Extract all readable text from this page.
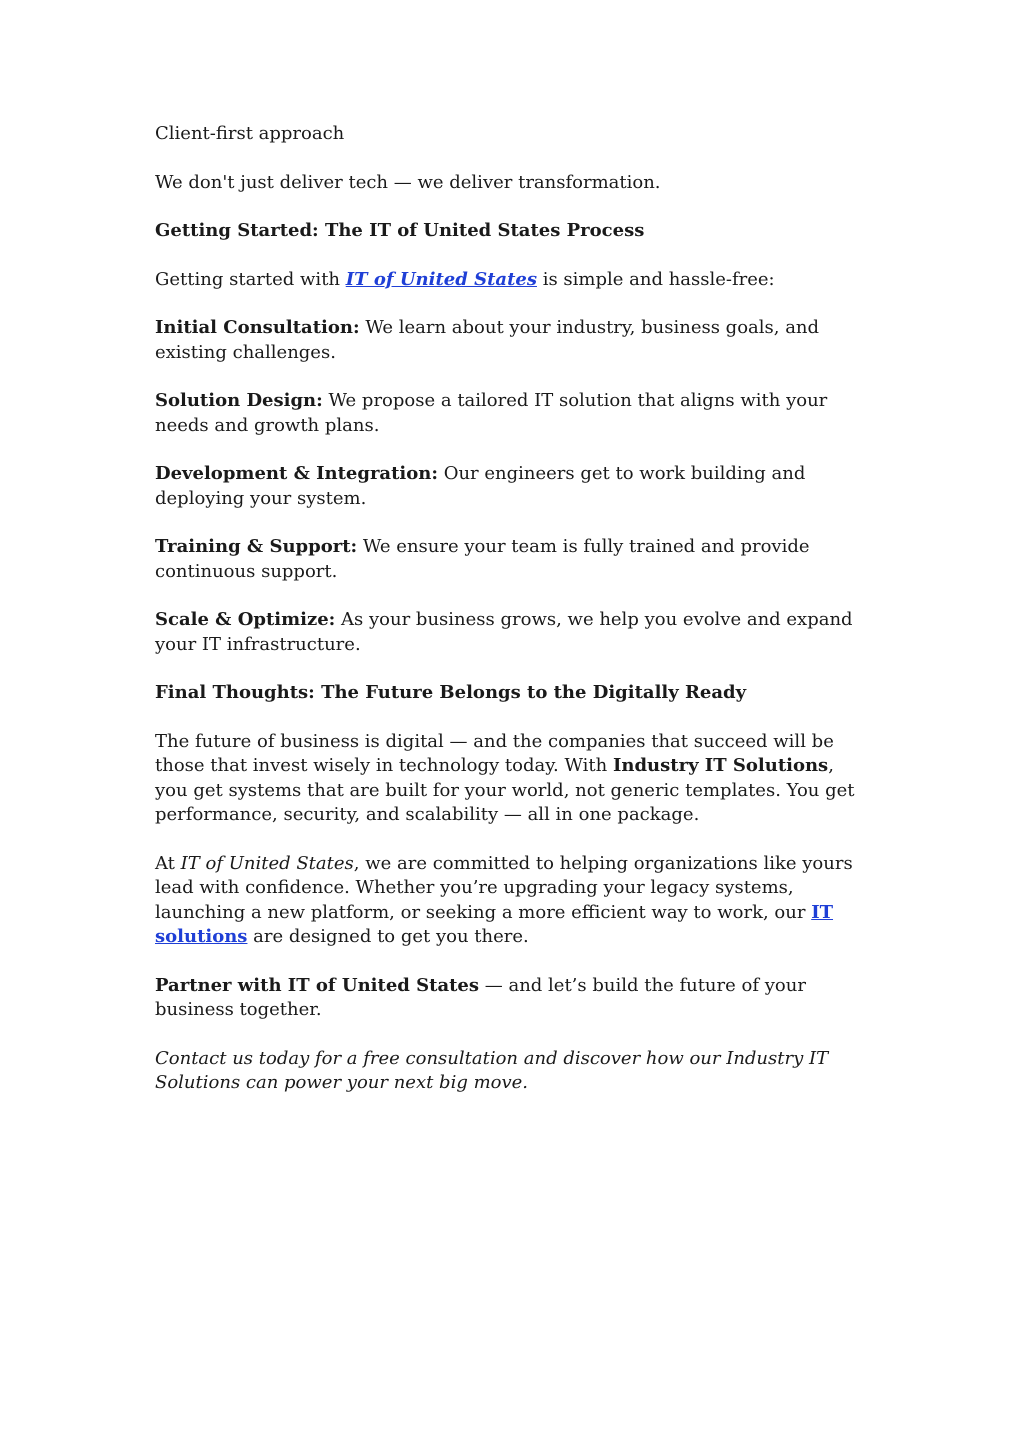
Client-first approach

We don't just deliver tech — we deliver transformation.

Getting Started: The IT of United States Process

Getting started with IT of United States is simple and hassle-free:

Initial Consultation: We learn about your industry, business goals, and existing challenges.

Solution Design: We propose a tailored IT solution that aligns with your needs and growth plans.

Development & Integration: Our engineers get to work building and deploying your system.

Training & Support: We ensure your team is fully trained and provide continuous support.

Scale & Optimize: As your business grows, we help you evolve and expand your IT infrastructure.

Final Thoughts: The Future Belongs to the Digitally Ready

The future of business is digital — and the companies that succeed will be those that invest wisely in technology today. With Industry IT Solutions, you get systems that are built for your world, not generic templates. You get performance, security, and scalability — all in one package.

At IT of United States, we are committed to helping organizations like yours lead with confidence. Whether you’re upgrading your legacy systems, launching a new platform, or seeking a more efficient way to work, our IT solutions are designed to get you there.

Partner with IT of United States — and let’s build the future of your business together.

Contact us today for a free consultation and discover how our Industry IT Solutions can power your next big move.
